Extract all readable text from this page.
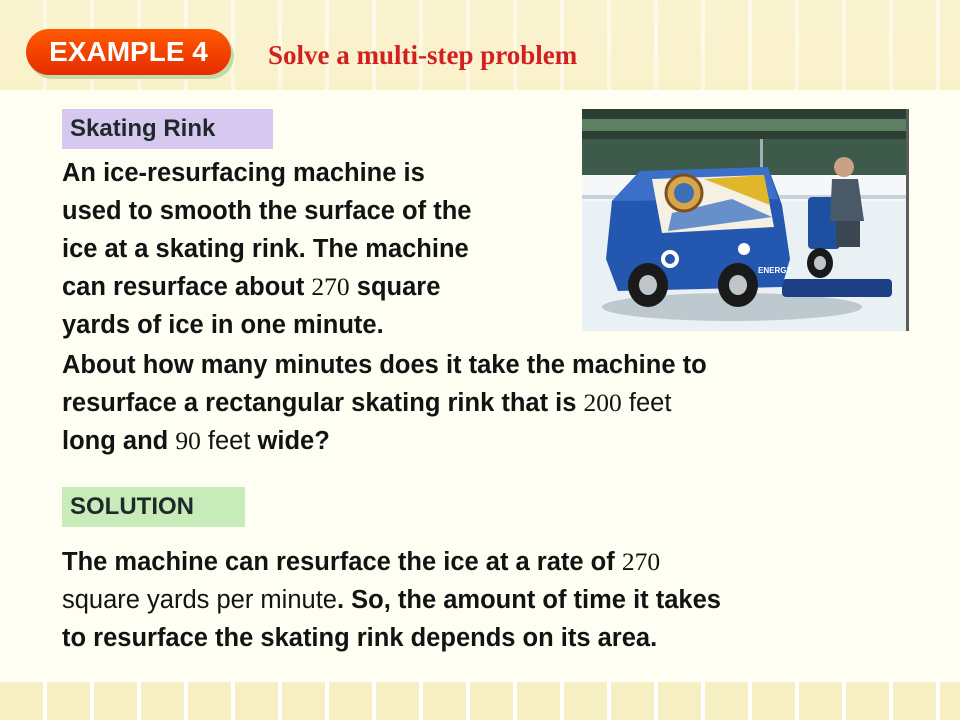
EXAMPLE 4	Solve a multi-step problem
Skating Rink

An ice-resurfacing machine is
used to smooth the surface of the
ice at a skating rink. The machine
can resurface about 270 square
yards of ice in one minute.

About how many minutes does it take the machine to
resurface a rectangular skating rink that is 200 feet
long and 90 feet wide?

SOLUTION

The machine can resurface the ice at a rate of 270
square yards per minute. So, the amount of time it takes
to resurface the skating rink depends on its area.

ENERGY
